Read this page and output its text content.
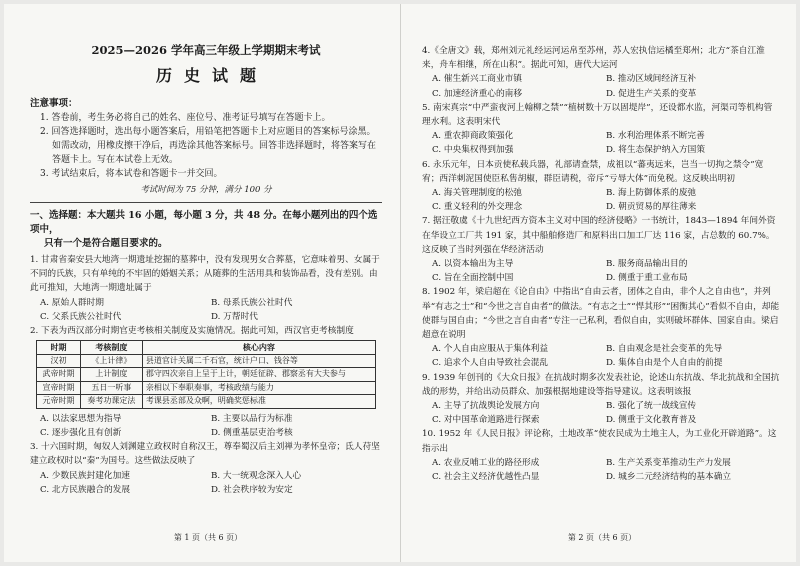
2025—2026 学年高三年级上学期期末考试
历史试题
注意事项：
1. 答卷前，考生务必将自己的姓名、座位号、准考证号填写在答题卡上。
2. 回答选择题时，选出每小题答案后，用铅笔把答题卡上对应题目的答案标号涂黑。如需改动，用橡皮擦干净后，再选涂其他答案标号。回答非选择题时，将答案写在答题卡上。写在本试卷上无效。
3. 考试结束后，将本试卷和答题卡一并交回。
考试时间为 75 分钟，满分 100 分
一、选择题：本大题共 16 小题，每小题 3 分，共 48 分。在每小题列出的四个选项中，
只有一个是符合题目要求的。
1. 甘肃省秦安县大地湾一期遗址挖掘的墓葬中，没有发现男女合葬墓，它意味着男、女属于不同的氏族，只有单纯的不牢固的婚姻关系；从随葬的生活用具和装饰品看，没有差别。由此可推知，大地湾一期遗址属于
A. 原始人群时期	B. 母系氏族公社时代
C. 父系氏族公社时代	D. 万帮时代
2. 下表为西汉部分时期官吏考核相关制度及实施情况。据此可知，西汉官吏考核制度
时期	考核制度	核心内容
汉初	《上计律》	县道官计关属二千石官，统计户口、钱谷等
武帝时期	上计制度	郡守四次亲自上呈于上计，朝廷征辟、郡察丞有大夫参与
宣帝时期	五日一听事	亲相以下奉职奏事，考核政绩与能力
元帝时期	奏考功课定法	考课县丞部及众啊，明确奖惩标准
A. 以法家思想为指导	B. 主要以品行为标准
C. 逐步强化且有创新	D. 侧重基层吏治考核
3. 十六国时期，匈奴人刘渊建立政权时自称汉王，尊奉蜀汉后主刘禅为孝怀皇帝；氐人苻坚建立政权时以“秦”为国号。这些做法反映了
A. 少数民族封建化加速	B. 大一统观念深入人心
C. 北方民族融合的发展	D. 社会秩序较为安定
第 1 页（共 6 页）
4.《全唐文》载，郑州刘元礼经运河运帛至苏州，苏人宏执信运橘至郑州；北方“茶自江淮来，舟车相继，所在山积”。据此可知，唐代大运河
A. 催生新兴工商业市镇	B. 推动区域间经济互补
C. 加速经济重心的南移	D. 促进生产关系的变革
5. 南宋真宗“中严蛮夜河上翰柳之禁”“植树数十万以固堤岸”，还设都水监，河渠司等机构管理水利。这表明宋代
A. 重农抑商政策强化	B. 水利治理体系不断完善
C. 中央集权得到加强	D. 将生态保护纳入方国策
6. 永乐元年，日本贡使私载兵器，礼部请查禁，成祖以“蕃夷远来，岂当一切拘之禁令”宽宥；西洋刺泥国使臣私售胡椒，群臣请税，帝斥“亏辱大体”而免税。这反映出明初
A. 海关管理制度的松弛	B. 海上防御体系的废弛
C. 重义轻利的外交理念	D. 朝贡贸易的厚往薄来
7. 据汪敬虞《十九世纪西方资本主义对中国的经济侵略》一书统计，1843—1894 年间外资在华设立工厂共 191 家，其中船舶修造厂和原料出口加工厂达 116 家，占总数的 60.7%。这反映了当时列强在华经济活动
A. 以资本输出为主导	B. 服务商品输出目的
C. 旨在全面控制中国	D. 侧重于重工业布局
8. 1902 年，梁启超在《论自由》中指出“自由云者，团体之自由，非个人之自由也”，并列举“有志之士”和“今世之言自由者”的做法。“有志之士”“悍其形”“困衡其心”看似不自由，却能使群与国自由；“今世之言自由者”专注一己私利，看似自由，实则破坏群体、国家自由。梁启超意在说明
A. 个人自由应服从于集体利益	B. 自由观念是社会变革的先导
C. 追求个人自由导致社会混乱	D. 集体自由是个人自由的前提
9. 1939 年创刊的《大众日报》在抗战时期多次发表社论，论述山东抗战、华北抗战和全国抗战的形势，并给出动员群众、加强根据地建设等指导建议。这表明该报
A. 主导了抗战舆论发展方向	B. 强化了统一战线宣传
C. 对中国革命道路进行探索	D. 侧重于文化教育普及
10. 1952 年《人民日报》评论称，土地改革“使农民成为土地主人，为工业化开辟道路”。这指示出
A. 农业反哺工业的路径形成	B. 生产关系变革推动生产力发展
C. 社会主义经济优越性凸显	D. 城乡二元经济结构的基本确立
第 2 页（共 6 页）
